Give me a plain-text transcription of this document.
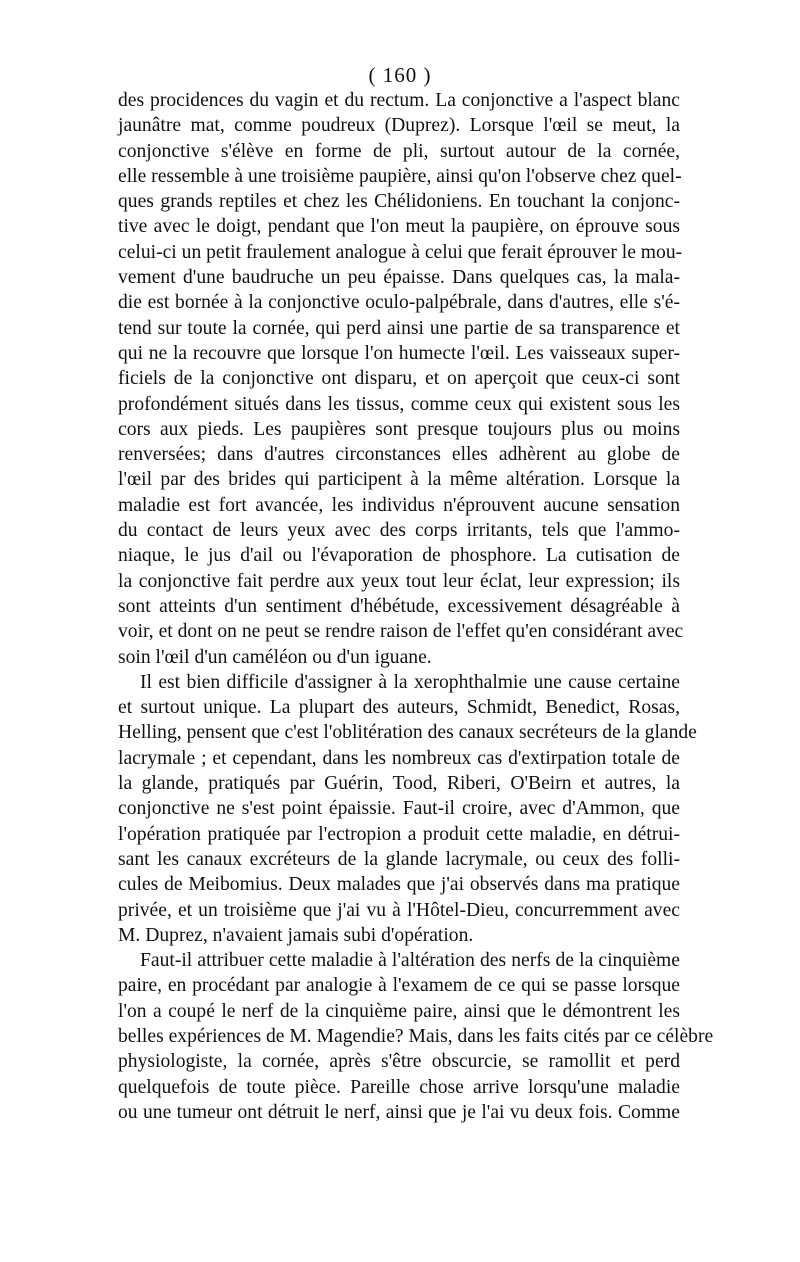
( 160 )
des procidences du vagin et du rectum. La conjonctive a l'aspect blanc
jaunâtre mat, comme poudreux (Duprez). Lorsque l'œil se meut, la
conjonctive s'élève en forme de pli, surtout autour de la cornée,
elle ressemble à une troisième paupière, ainsi qu'on l'observe chez quel-
ques grands reptiles et chez les Chélidoniens. En touchant la conjonc-
tive avec le doigt, pendant que l'on meut la paupière, on éprouve sous
celui-ci un petit fraulement analogue à celui que ferait éprouver le mou-
vement d'une baudruche un peu épaisse. Dans quelques cas, la mala-
die est bornée à la conjonctive oculo-palpébrale, dans d'autres, elle s'é-
tend sur toute la cornée, qui perd ainsi une partie de sa transparence et
qui ne la recouvre que lorsque l'on humecte l'œil. Les vaisseaux super-
ficiels de la conjonctive ont disparu, et on aperçoit que ceux-ci sont
profondément situés dans les tissus, comme ceux qui existent sous les
cors aux pieds. Les paupières sont presque toujours plus ou moins
renversées; dans d'autres circonstances elles adhèrent au globe de
l'œil par des brides qui participent à la même altération. Lorsque la
maladie est fort avancée, les individus n'éprouvent aucune sensation
du contact de leurs yeux avec des corps irritants, tels que l'ammo-
niaque, le jus d'ail ou l'évaporation de phosphore. La cutisation de
la conjonctive fait perdre aux yeux tout leur éclat, leur expression; ils
sont atteints d'un sentiment d'hébétude, excessivement désagréable à
voir, et dont on ne peut se rendre raison de l'effet qu'en considérant avec
soin l'œil d'un caméléon ou d'un iguane.
Il est bien difficile d'assigner à la xerophthalmie une cause certaine
et surtout unique. La plupart des auteurs, Schmidt, Benedict, Rosas,
Helling, pensent que c'est l'oblitération des canaux secréteurs de la glande
lacrymale ; et cependant, dans les nombreux cas d'extirpation totale de
la glande, pratiqués par Guérin, Tood, Riberi, O'Beirn et autres, la
conjonctive ne s'est point épaissie. Faut-il croire, avec d'Ammon, que
l'opération pratiquée par l'ectropion a produit cette maladie, en détrui-
sant les canaux excréteurs de la glande lacrymale, ou ceux des folli-
cules de Meibomius. Deux malades que j'ai observés dans ma pratique
privée, et un troisième que j'ai vu à l'Hôtel-Dieu, concurremment avec
M. Duprez, n'avaient jamais subi d'opération.
Faut-il attribuer cette maladie à l'altération des nerfs de la cinquième
paire, en procédant par analogie à l'examem de ce qui se passe lorsque
l'on a coupé le nerf de la cinquième paire, ainsi que le démontrent les
belles expériences de M. Magendie? Mais, dans les faits cités par ce célèbre
physiologiste, la cornée, après s'être obscurcie, se ramollit et perd
quelquefois de toute pièce. Pareille chose arrive lorsqu'une maladie
ou une tumeur ont détruit le nerf, ainsi que je l'ai vu deux fois. Comme
